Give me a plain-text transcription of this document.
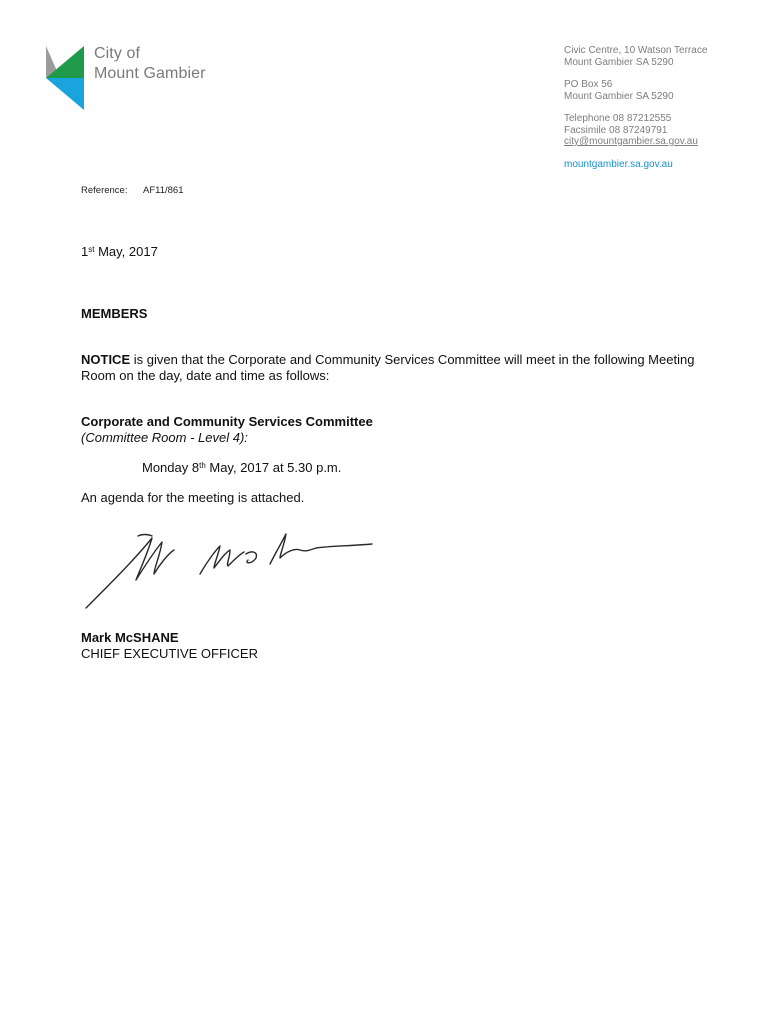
City of
Mount Gambier
Civic Centre, 10 Watson Terrace
Mount Gambier SA 5290
PO Box 56
Mount Gambier SA 5290
Telephone 08 87212555
Facsimile 08 87249791
city@mountgambier.sa.gov.au
mountgambier.sa.gov.au
Reference: AF11/861
1st May, 2017
MEMBERS
NOTICE is given that the Corporate and Community Services Committee will meet in the following Meeting Room on the day, date and time as follows:
Corporate and Community Services Committee
(Committee Room - Level 4):
Monday 8th May, 2017 at 5.30 p.m.
An agenda for the meeting is attached.
Mark McSHANE
CHIEF EXECUTIVE OFFICER
